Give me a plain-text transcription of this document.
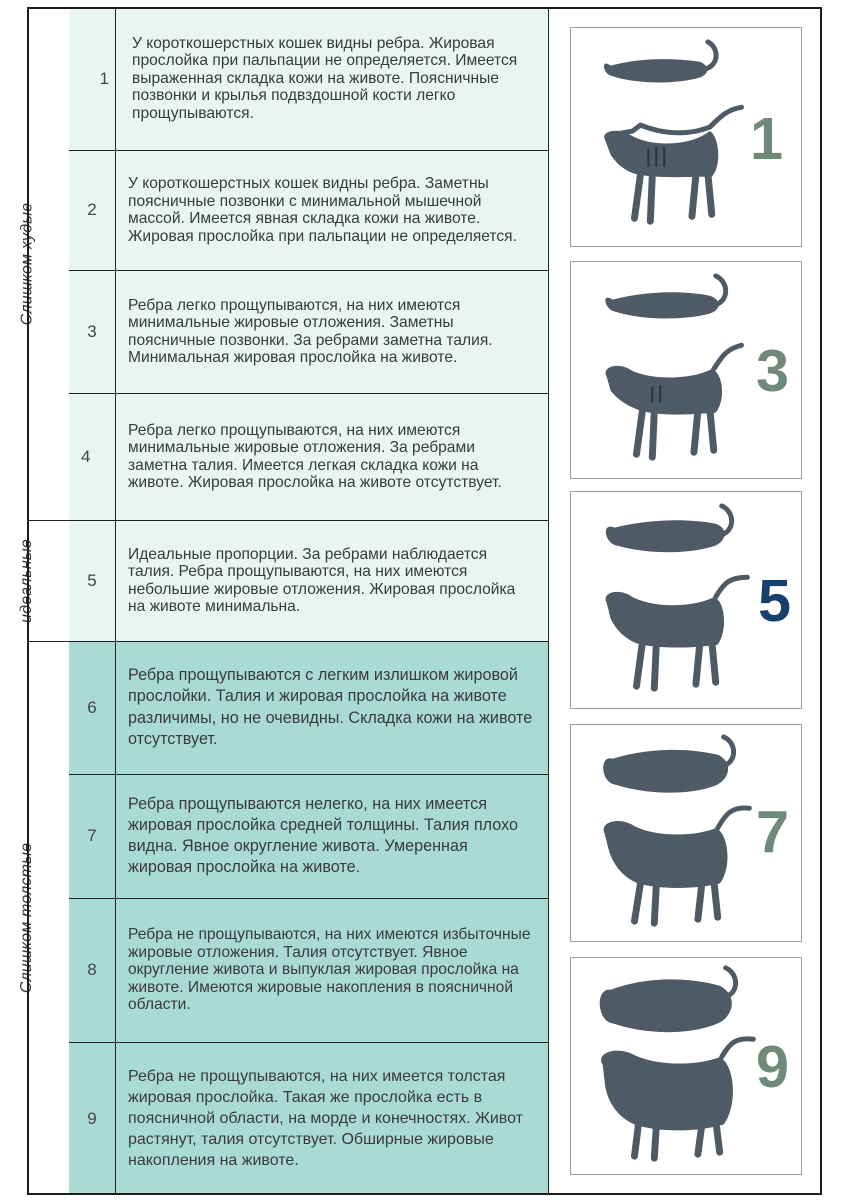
Слишком худые
идеальные
Слишком толстые
1
У короткошерстных кошек видны ребра. Жировая прослойка при пальпации не определяется. Имеется выраженная складка кожи на животе. Поясничные позвонки и крылья подвздошной кости легко прощупываются.
2
У короткошерстных кошек видны ребра. Заметны поясничные позвонки с минимальной мышечной массой. Имеется явная складка кожи на животе. Жировая прослойка при пальпации не определяется.
3
Ребра легко прощупываются, на них имеются минимальные жировые отложения. Заметны поясничные позвонки. За ребрами заметна талия. Минимальная жировая прослойка на животе.
4
Ребра легко прощупываются, на них имеются минимальные жировые отложения. За ребрами заметна талия. Имеется легкая складка кожи на животе. Жировая прослойка на животе отсутствует.
5
Идеальные пропорции. За ребрами наблюдается талия. Ребра прощупываются, на них имеются небольшие жировые отложения. Жировая прослойка на животе минимальна.
6
Ребра прощупываются с легким излишком жировой прослойки. Талия и жировая прослойка на животе различимы, но не очевидны. Складка кожи на животе отсутствует.
7
Ребра прощупываются нелегко, на них имеется жировая прослойка средней толщины. Талия плохо видна. Явное округление живота. Умеренная жировая прослойка на животе.
8
Ребра не прощупываются, на них имеются избыточные жировые отложения. Талия отсутствует. Явное округление живота и выпуклая жировая прослойка на животе. Имеются жировые накопления в поясничной области.
9
Ребра не прощупываются, на них имеется толстая жировая прослойка. Такая же прослойка есть в поясничной области, на морде и конечностях. Живот растянут, талия отсутствует. Обширные жировые накопления на животе.
1
3
5
7
9
